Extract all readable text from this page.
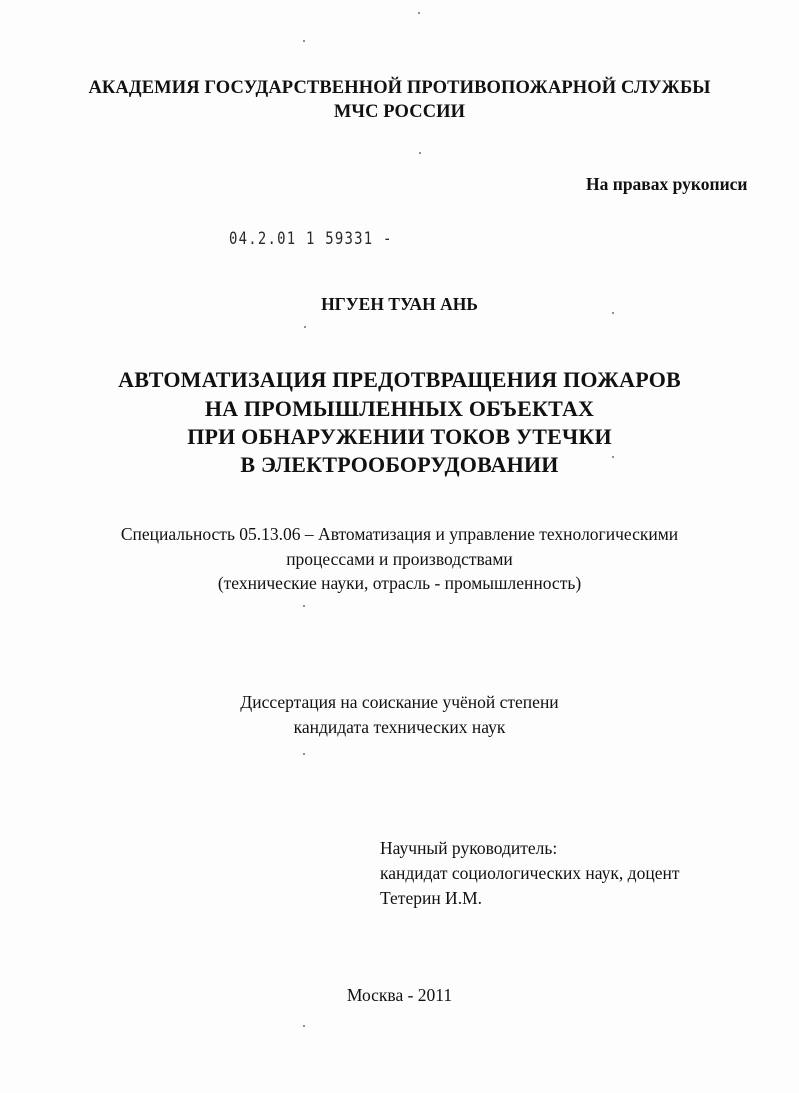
АКАДЕМИЯ ГОСУДАРСТВЕННОЙ ПРОТИВОПОЖАРНОЙ СЛУЖБЫ
МЧС РОССИИ
На правах рукописи
04.2.01 1 59331 -
НГУЕН ТУАН АНЬ
АВТОМАТИЗАЦИЯ ПРЕДОТВРАЩЕНИЯ ПОЖАРОВ
НА ПРОМЫШЛЕННЫХ ОБЪЕКТАХ
ПРИ ОБНАРУЖЕНИИ ТОКОВ УТЕЧКИ
В ЭЛЕКТРООБОРУДОВАНИИ
Специальность 05.13.06 – Автоматизация и управление технологическими
процессами и производствами
(технические науки, отрасль - промышленность)
Диссертация на соискание учёной степени
кандидата технических наук
Научный руководитель:
кандидат социологических наук, доцент
Тетерин И.М.
Москва - 2011
